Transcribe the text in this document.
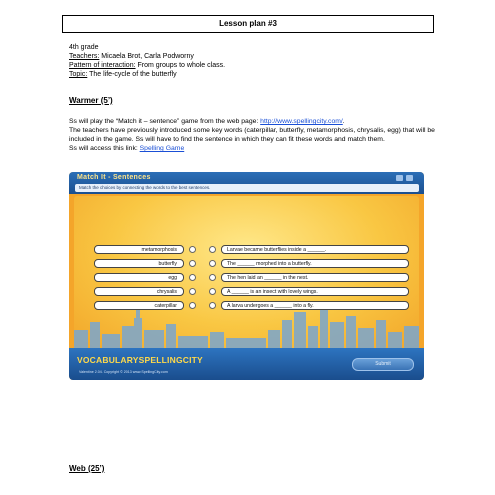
Lesson plan #3
4th grade
Teachers: Micaela Brot, Carla Podworny
Pattern of interaction: From groups to whole class.
Topic: The life-cycle of the butterfly
Warmer (5’)
Ss will play the “Match it – sentence” game from the web page: http://www.spellingcity.com/.
The teachers have previously introduced some key words (caterpillar, butterfly, metamorphosis, chrysalis, egg) that will be included in the game. Ss will have to find the sentence in which they can fit these words and match them.
Ss will access this link: Spelling Game
Match It - Sentences
Match the choices by connecting the words to the best sentences.
metamorphosis
butterfly
egg
chrysalis
caterpillar
Larvae became butterflies inside a ______.
The ______ morphed into a butterfly.
The hen laid an ______ in the nest.
A ______ is an insect with lovely wings.
A larva undergoes a ______ into a fly.
VOCABULARYSPELLINGCITY
Valentine 2.04. Copyright © 2013 www.SpellingCity.com
Submit
Web (25’)
